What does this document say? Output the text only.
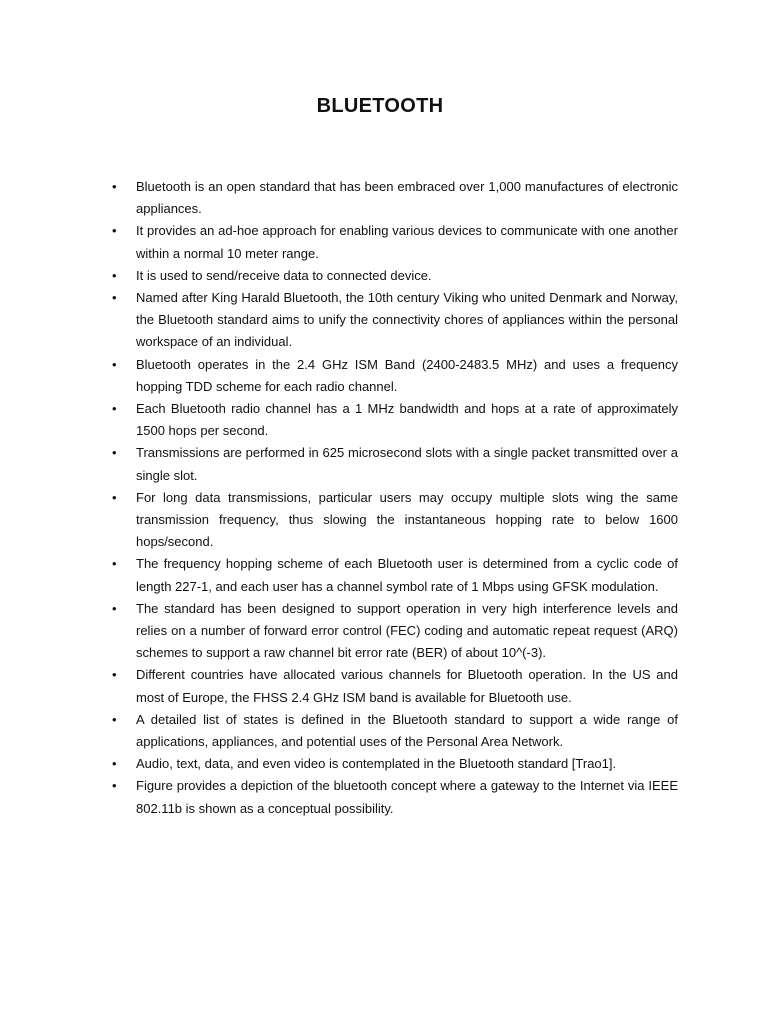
BLUETOOTH
• Bluetooth is an open standard that has been embraced over 1,000 manufactures of electronic appliances.
• It provides an ad-hoe approach for enabling various devices to communicate with one another within a normal 10 meter range.
• It is used to send/receive data to connected device.
• Named after King Harald Bluetooth, the 10th century Viking who united Denmark and Norway, the Bluetooth standard aims to unify the connectivity chores of appliances within the personal workspace of an individual.
• Bluetooth operates in the 2.4 GHz ISM Band (2400-2483.5 MHz) and uses a frequency hopping TDD scheme for each radio channel.
• Each Bluetooth radio channel has a 1 MHz bandwidth and hops at a rate of approximately 1500 hops per second.
• Transmissions are performed in 625 microsecond slots with a single packet transmitted over a single slot.
• For long data transmissions, particular users may occupy multiple slots wing the same transmission frequency, thus slowing the instantaneous hopping rate to below 1600 hops/second.
• The frequency hopping scheme of each Bluetooth user is determined from a cyclic code of length 227-1, and each user has a channel symbol rate of 1 Mbps using GFSK modulation.
• The standard has been designed to support operation in very high interference levels and relies on a number of forward error control (FEC) coding and automatic repeat request (ARQ) schemes to support a raw channel bit error rate (BER) of about 10^(-3).
• Different countries have allocated various channels for Bluetooth operation. In the US and most of Europe, the FHSS 2.4 GHz ISM band is available for Bluetooth use.
• A detailed list of states is defined in the Bluetooth standard to support a wide range of applications, appliances, and potential uses of the Personal Area Network.
• Audio, text, data, and even video is contemplated in the Bluetooth standard [Trao1].
• Figure provides a depiction of the bluetooth concept where a gateway to the Internet via IEEE 802.11b is shown as a conceptual possibility.
